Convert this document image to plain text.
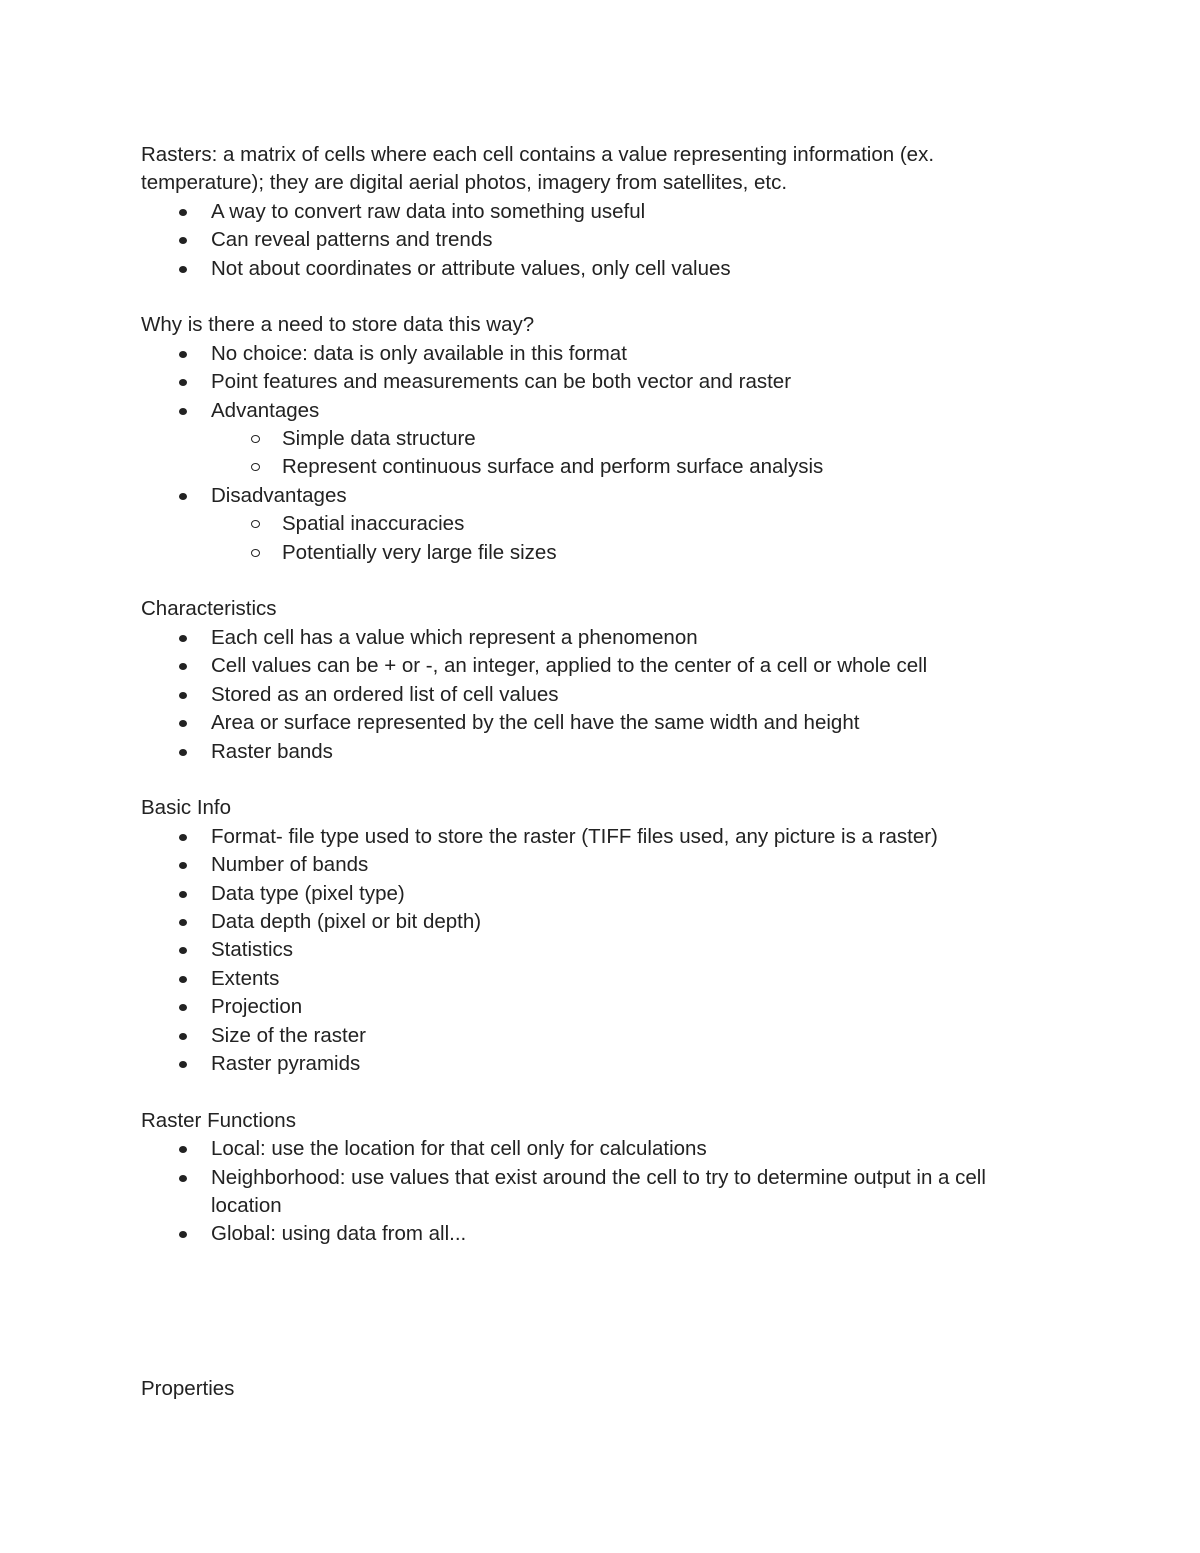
Rasters: a matrix of cells where each cell contains a value representing information (ex. temperature); they are digital aerial photos, imagery from satellites, etc.

A way to convert raw data into something useful
Can reveal patterns and trends
Not about coordinates or attribute values, only cell values

Why is there a need to store data this way?

No choice: data is only available in this format
Point features and measurements can be both vector and raster
Advantages
Simple data structure
Represent continuous surface and perform surface analysis
Disadvantages
Spatial inaccuracies
Potentially very large file sizes

Characteristics

Each cell has a value which represent a phenomenon
Cell values can be + or -, an integer, applied to the center of a cell or whole cell
Stored as an ordered list of cell values
Area or surface represented by the cell have the same width and height
Raster bands

Basic Info

Format- file type used to store the raster (TIFF files used, any picture is a raster)
Number of bands
Data type (pixel type)
Data depth (pixel or bit depth)
Statistics
Extents
Projection
Size of the raster
Raster pyramids

Raster Functions

Local: use the location for that cell only for calculations
Neighborhood: use values that exist around the cell to try to determine output in a cell location
Global: using data from all...

Properties
